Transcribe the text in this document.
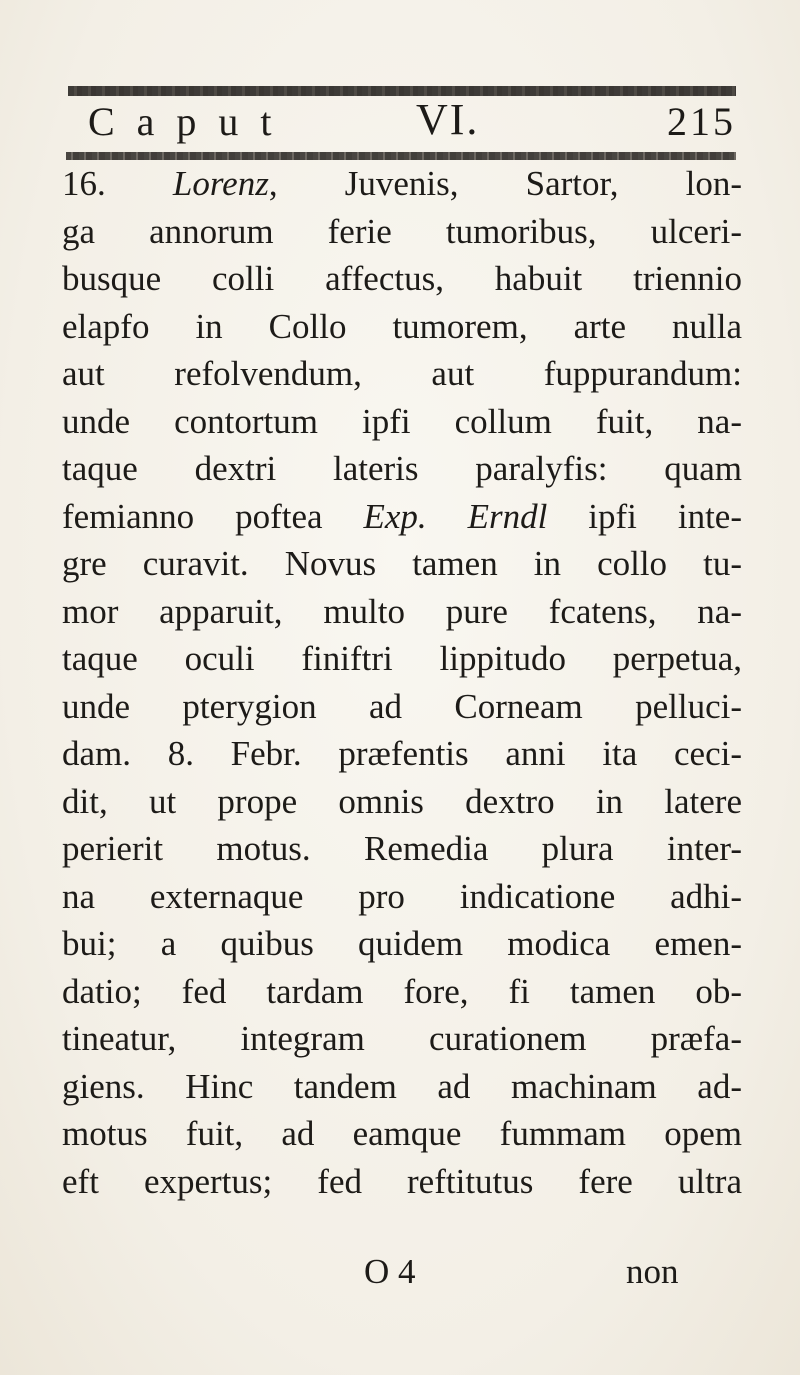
Caput	VI.	215
16. Lorenz, Juvenis, Sartor, lon-
ga annorum ferie tumoribus, ulceri-
busque colli affectus, habuit triennio
elapfo in Collo tumorem, arte nulla
aut refolvendum, aut fuppurandum:
unde contortum ipfi collum fuit, na-
taque dextri lateris paralyfis: quam
femianno poftea Exp. Erndl ipfi inte-
gre curavit. Novus tamen in collo tu-
mor apparuit, multo pure fcatens, na-
taque oculi finiftri lippitudo perpetua,
unde pterygion ad Corneam pelluci-
dam. 8. Febr. præfentis anni ita ceci-
dit, ut prope omnis dextro in latere
perierit motus. Remedia plura inter-
na externaque pro indicatione adhi-
bui; a quibus quidem modica emen-
datio; fed tardam fore, fi tamen ob-
tineatur, integram curationem præfa-
giens. Hinc tandem ad machinam ad-
motus fuit, ad eamque fummam opem
eft expertus; fed reftitutus fere ultra
O 4	non
